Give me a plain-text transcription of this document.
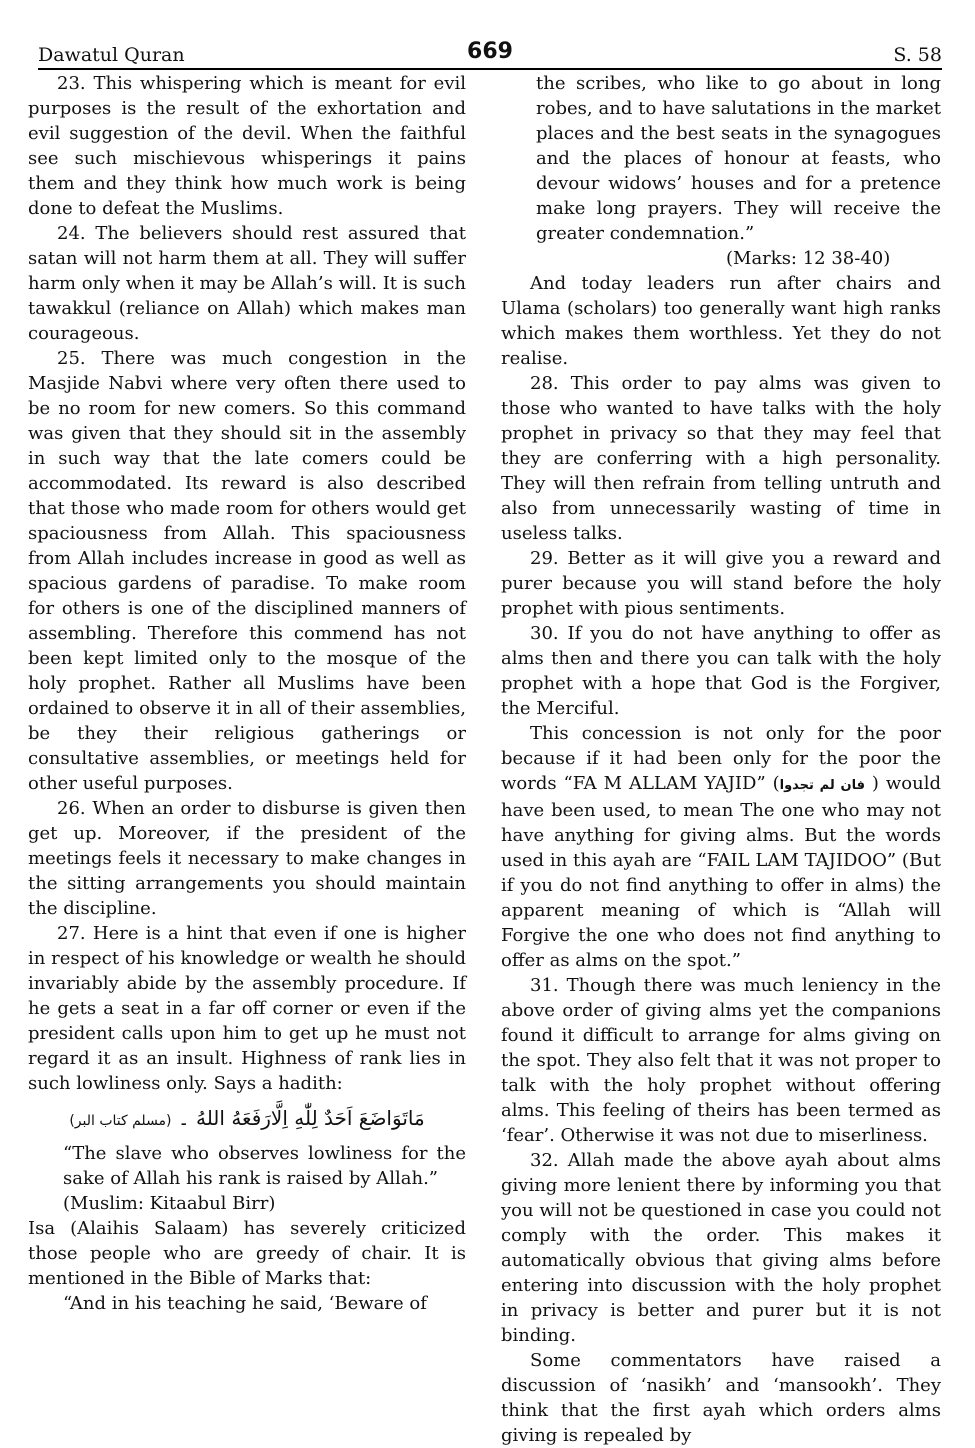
Dawatul Quran	669	S. 58

23. This whispering which is meant for evil purposes is the result of the exhortation and evil suggestion of the devil. When the faithful see such mischievous whisperings it pains them and they think how much work is being done to defeat the Muslims.

24. The believers should rest assured that satan will not harm them at all. They will suffer harm only when it may be Allah’s will. It is such tawakkul (reliance on Allah) which makes man courageous.

25. There was much congestion in the Masjide Nabvi where very often there used to be no room for new comers. So this command was given that they should sit in the assembly in such way that the late comers could be accommodated. Its reward is also described that those who made room for others would get spaciousness from Allah. This spaciousness from Allah includes increase in good as well as spacious gardens of paradise. To make room for others is one of the disciplined manners of assembling. Therefore this commend has not been kept limited only to the mosque of the holy prophet. Rather all Muslims have been ordained to observe it in all of their assemblies, be they their religious gatherings or consultative assemblies, or meetings held for other useful purposes.

26. When an order to disburse is given then get up. Moreover, if the president of the meetings feels it necessary to make changes in the sitting arrangements you should maintain the discipline.

27. Here is a hint that even if one is higher in respect of his knowledge or wealth he should invariably abide by the assembly procedure. If he gets a seat in a far off corner or even if the president calls upon him to get up he must not regard it as an insult. Highness of rank lies in such lowliness only. Says a hadith:

مَاتَوَاضَعَ اَحَدٌ لِلّٰهِ اِلَّارَفَعَهُ اللهُ ۔ (مسلم کتاب البر)

“The slave who observes lowliness for the sake of Allah his rank is raised by Allah.”

(Muslim: Kitaabul Birr)

Isa (Alaihis Salaam) has severely criticized those people who are greedy of chair. It is mentioned in the Bible of Marks that:

“And in his teaching he said, ‘Beware of

the scribes, who like to go about in long robes, and to have salutations in the market places and the best seats in the synagogues and the places of honour at feasts, who devour widows’ houses and for a pretence make long prayers. They will receive the greater condemnation.”

(Marks: 12 38-40)

And today leaders run after chairs and Ulama (scholars) too generally want high ranks which makes them worthless. Yet they do not realise.

28. This order to pay alms was given to those who wanted to have talks with the holy prophet in privacy so that they may feel that they are conferring with a high personality. They will then refrain from telling untruth and also from unnecessarily wasting of time in useless talks.

29. Better as it will give you a reward and purer because you will stand before the holy prophet with pious sentiments.

30. If you do not have anything to offer as alms then and there you can talk with the holy prophet with a hope that God is the Forgiver, the Merciful.

This concession is not only for the poor because if it had been only for the poor the words “FA M ALLAM YAJID” (فان لم تجدوا ) would have been used, to mean The one who may not have anything for giving alms. But the words used in this ayah are “FAIL LAM TAJIDOO” (But if you do not find anything to offer in alms) the apparent meaning of which is “Allah will Forgive the one who does not find anything to offer as alms on the spot.”

31. Though there was much leniency in the above order of giving alms yet the companions found it difficult to arrange for alms giving on the spot. They also felt that it was not proper to talk with the holy prophet without offering alms. This feeling of theirs has been termed as ‘fear’. Otherwise it was not due to miserliness.

32. Allah made the above ayah about alms giving more lenient there by informing you that you will not be questioned in case you could not comply with the order. This makes it automatically obvious that giving alms before entering into discussion with the holy prophet in privacy is better and purer but it is not binding.

Some commentators have raised a discussion of ‘nasikh’ and ‘mansookh’. They think that the first ayah which orders alms giving is repealed by
